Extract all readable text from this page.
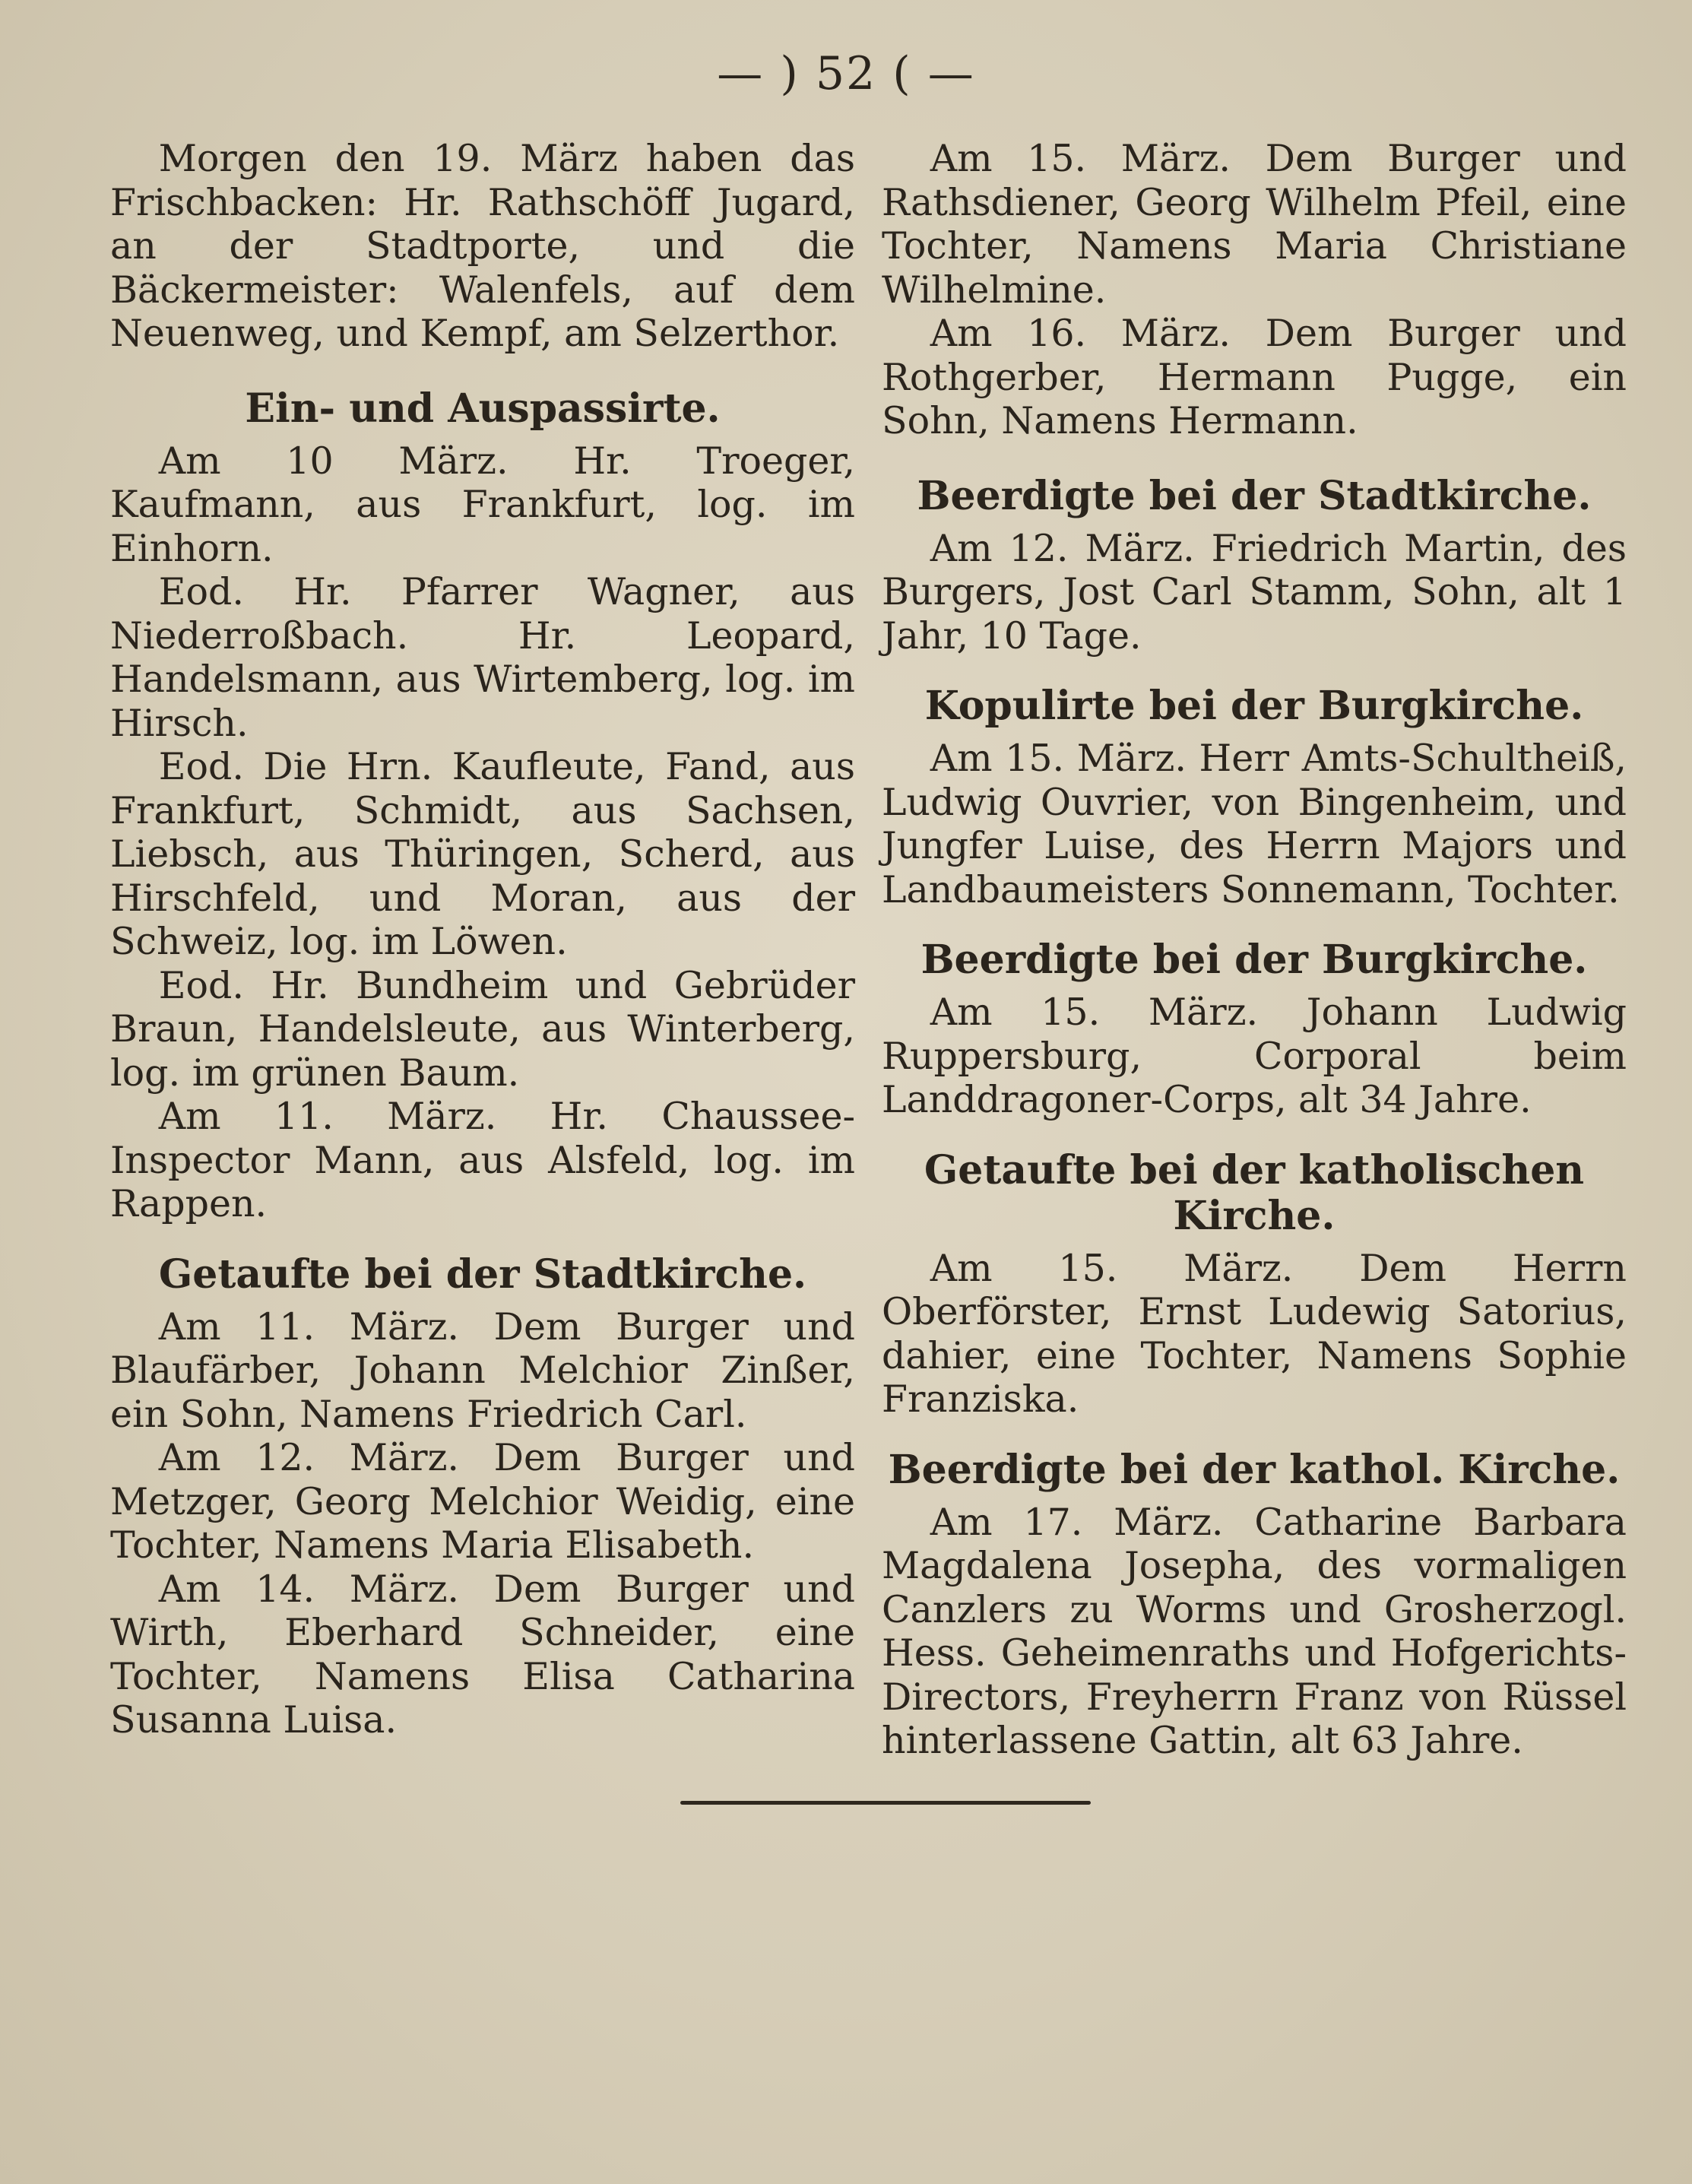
— ) 52 ( —

Morgen den 19. März haben das Frischbacken: Hr. Rathschöff Jugard, an der Stadtporte, und die Bäckermeister: Walenfels, auf dem Neuenweg, und Kempf, am Selzerthor.

Ein- und Auspassirte.

Am 10 März. Hr. Troeger, Kaufmann, aus Frankfurt, log. im Einhorn.

Eod. Hr. Pfarrer Wagner, aus Niederroßbach. Hr. Leopard, Handelsmann, aus Wirtemberg, log. im Hirsch.

Eod. Die Hrn. Kaufleute, Fand, aus Frankfurt, Schmidt, aus Sachsen, Liebsch, aus Thüringen, Scherd, aus Hirschfeld, und Moran, aus der Schweiz, log. im Löwen.

Eod. Hr. Bundheim und Gebrüder Braun, Handelsleute, aus Winterberg, log. im grünen Baum.

Am 11. März. Hr. Chaussee-Inspector Mann, aus Alsfeld, log. im Rappen.

Getaufte bei der Stadtkirche.

Am 11. März. Dem Burger und Blaufärber, Johann Melchior Zinßer, ein Sohn, Namens Friedrich Carl.

Am 12. März. Dem Burger und Metzger, Georg Melchior Weidig, eine Tochter, Namens Maria Elisabeth.

Am 14. März. Dem Burger und Wirth, Eberhard Schneider, eine Tochter, Namens Elisa Catharina Susanna Luisa.

Am 15. März. Dem Burger und Rathsdiener, Georg Wilhelm Pfeil, eine Tochter, Namens Maria Christiane Wilhelmine.

Am 16. März. Dem Burger und Rothgerber, Hermann Pugge, ein Sohn, Namens Hermann.

Beerdigte bei der Stadtkirche.

Am 12. März. Friedrich Martin, des Burgers, Jost Carl Stamm, Sohn, alt 1 Jahr, 10 Tage.

Kopulirte bei der Burgkirche.

Am 15. März. Herr Amts-Schultheiß, Ludwig Ouvrier, von Bingenheim, und Jungfer Luise, des Herrn Majors und Landbaumeisters Sonnemann, Tochter.

Beerdigte bei der Burgkirche.

Am 15. März. Johann Ludwig Ruppersburg, Corporal beim Landdragoner-Corps, alt 34 Jahre.

Getaufte bei der katholischen Kirche.

Am 15. März. Dem Herrn Oberförster, Ernst Ludewig Satorius, dahier, eine Tochter, Namens Sophie Franziska.

Beerdigte bei der kathol. Kirche.

Am 17. März. Catharine Barbara Magdalena Josepha, des vormaligen Canzlers zu Worms und Grosherzogl. Hess. Geheimenraths und Hofgerichts-Directors, Freyherrn Franz von Rüssel hinterlassene Gattin, alt 63 Jahre.
